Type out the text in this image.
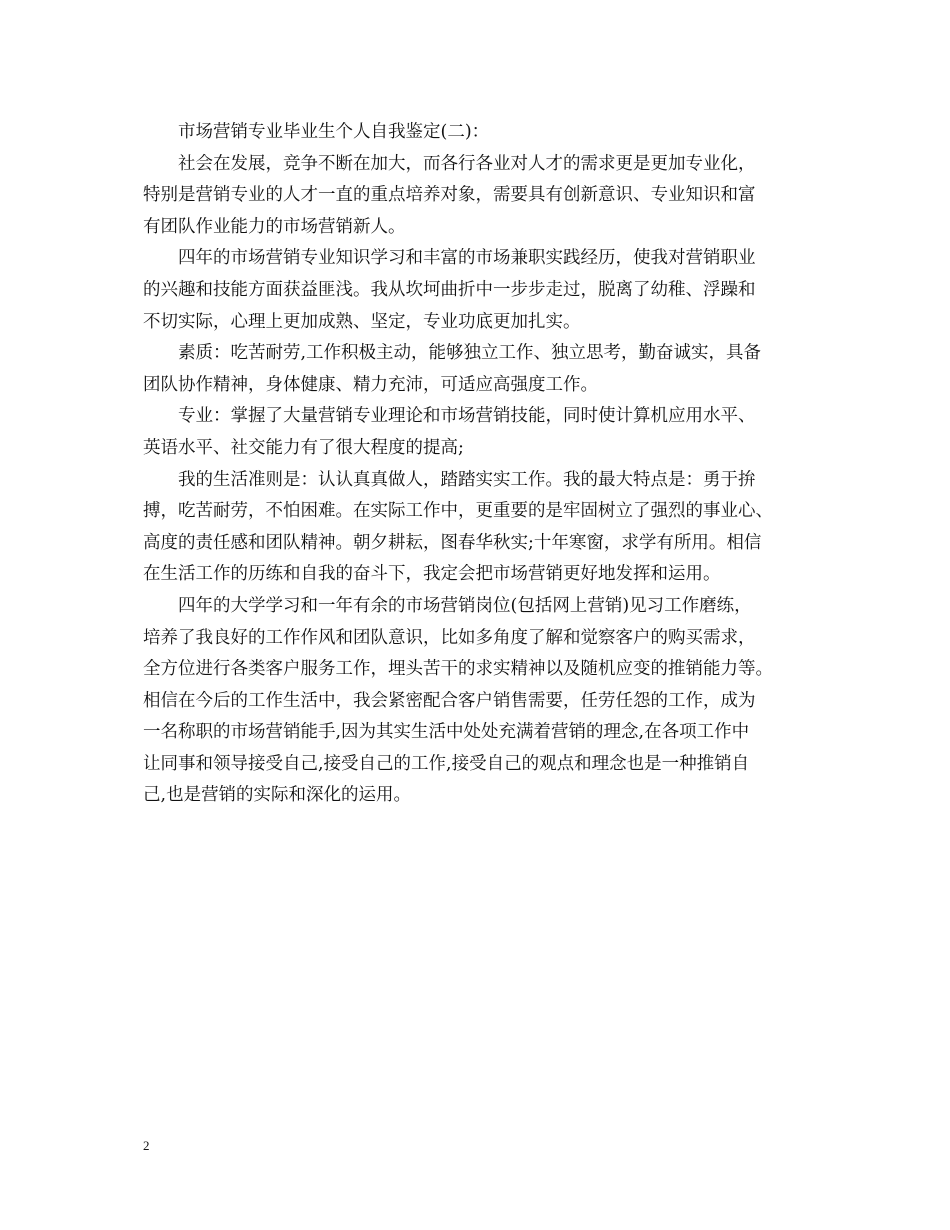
市场营销专业毕业生个人自我鉴定(二)：
社会在发展，竞争不断在加大，而各行各业对人才的需求更是更加专业化，
特别是营销专业的人才一直的重点培养对象，需要具有创新意识、专业知识和富
有团队作业能力的市场营销新人。
四年的市场营销专业知识学习和丰富的市场兼职实践经历，使我对营销职业
的兴趣和技能方面获益匪浅。我从坎坷曲折中一步步走过，脱离了幼稚、浮躁和
不切实际，心理上更加成熟、坚定，专业功底更加扎实。
素质：吃苦耐劳,工作积极主动，能够独立工作、独立思考，勤奋诚实，具备
团队协作精神，身体健康、精力充沛，可适应高强度工作。
专业：掌握了大量营销专业理论和市场营销技能，同时使计算机应用水平、
英语水平、社交能力有了很大程度的提高;
我的生活准则是：认认真真做人，踏踏实实工作。我的最大特点是：勇于拚
搏，吃苦耐劳，不怕困难。在实际工作中，更重要的是牢固树立了强烈的事业心、
高度的责任感和团队精神。朝夕耕耘，图春华秋实;十年寒窗，求学有所用。相信
在生活工作的历练和自我的奋斗下，我定会把市场营销更好地发挥和运用。
四年的大学学习和一年有余的市场营销岗位(包括网上营销)见习工作磨练，
培养了我良好的工作作风和团队意识，比如多角度了解和觉察客户的购买需求，
全方位进行各类客户服务工作，埋头苦干的求实精神以及随机应变的推销能力等。
相信在今后的工作生活中，我会紧密配合客户销售需要，任劳任怨的工作，成为
一名称职的市场营销能手,因为其实生活中处处充满着营销的理念,在各项工作中
让同事和领导接受自己,接受自己的工作,接受自己的观点和理念也是一种推销自
己,也是营销的实际和深化的运用。
2
